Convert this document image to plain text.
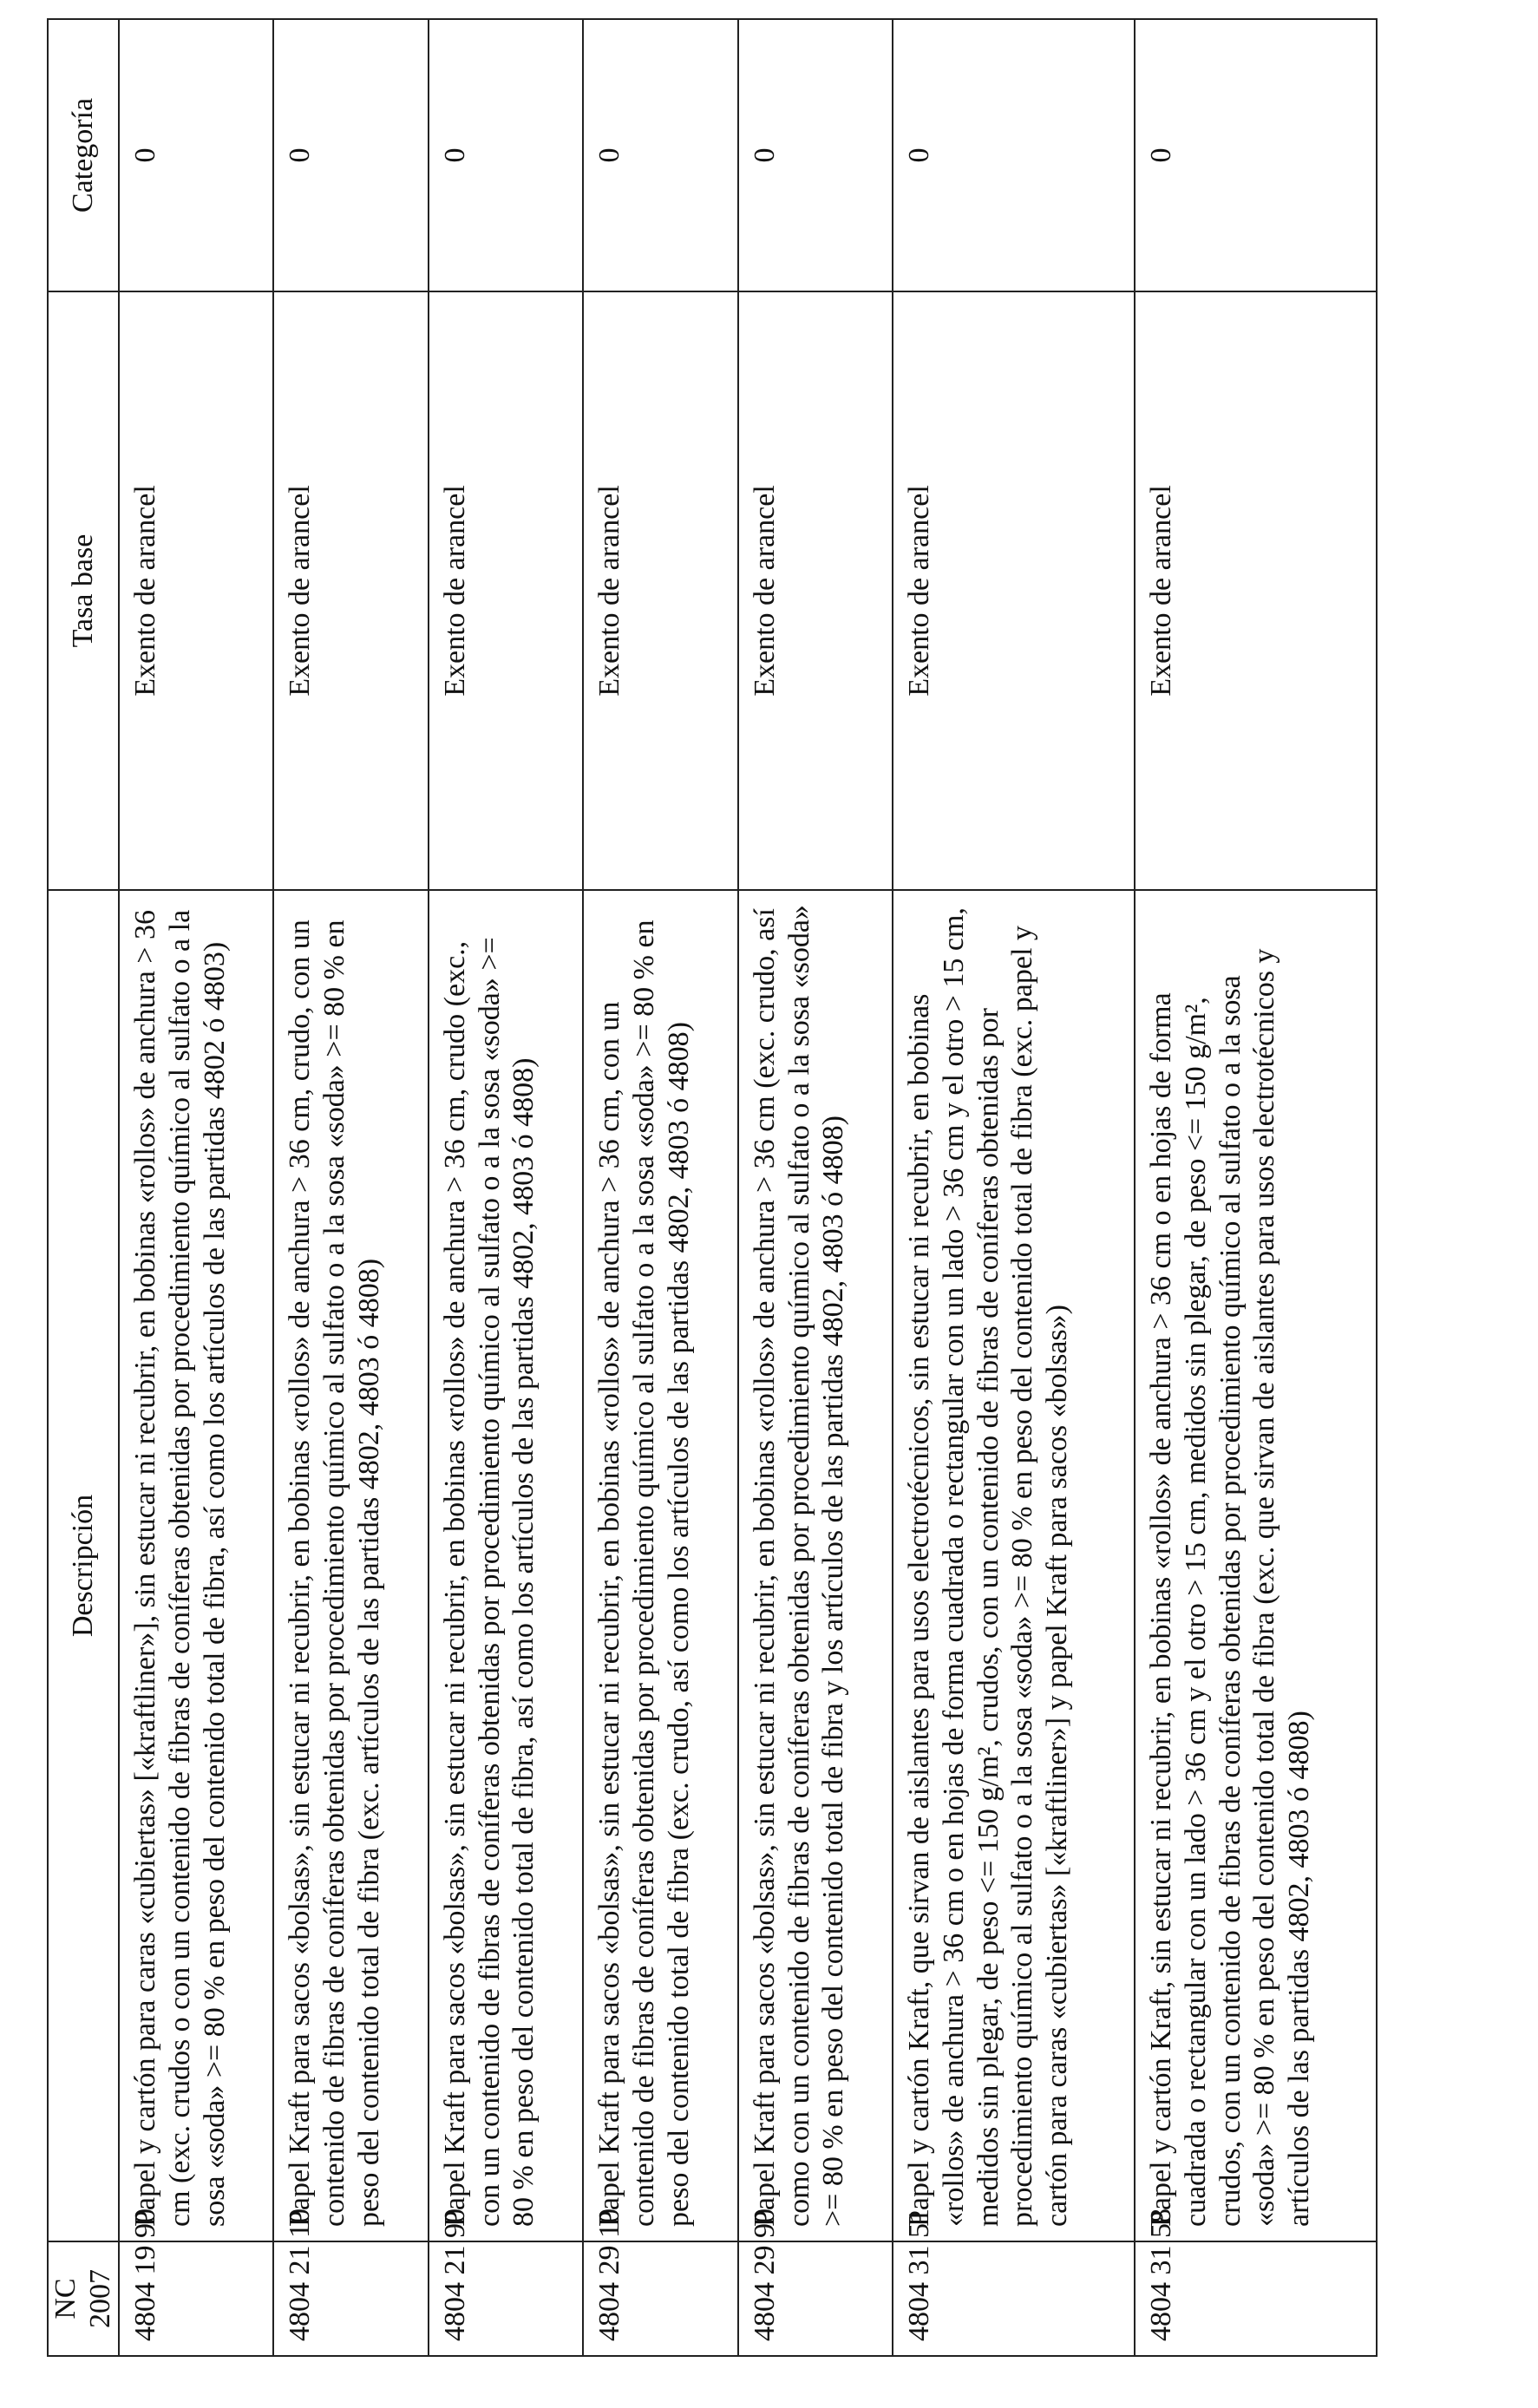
NC 2007	Descripción	Tasa base	Categoría
4804 19 90	Papel y cartón para caras «cubiertas» [«kraftliner»], sin estucar ni recubrir, en bobinas «rollos» de anchura > 36 cm (exc. crudos o con un contenido de fibras de coníferas obtenidas por procedimiento químico al sulfato o a la sosa «soda» >= 80 % en peso del contenido total de fibra, así como los artículos de las partidas 4802 ó 4803)	Exento de arancel	0
4804 21 10	Papel Kraft para sacos «bolsas», sin estucar ni recubrir, en bobinas «rollos» de anchura > 36 cm, crudo, con un contenido de fibras de coníferas obtenidas por procedimiento químico al sulfato o a la sosa «soda» >= 80 % en peso del contenido total de fibra (exc. artículos de las partidas 4802, 4803 ó 4808)	Exento de arancel	0
4804 21 90	Papel Kraft para sacos «bolsas», sin estucar ni recubrir, en bobinas «rollos» de anchura > 36 cm, crudo (exc., con un contenido de fibras de coníferas obtenidas por procedimiento químico al sulfato o a la sosa «soda» >= 80 % en peso del contenido total de fibra, así como los artículos de las partidas 4802, 4803 ó 4808)	Exento de arancel	0
4804 29 10	Papel Kraft para sacos «bolsas», sin estucar ni recubrir, en bobinas «rollos» de anchura > 36 cm, con un contenido de fibras de coníferas obtenidas por procedimiento químico al sulfato o a la sosa «soda» >= 80 % en peso del contenido total de fibra (exc. crudo, así como los artículos de las partidas 4802, 4803 ó 4808)	Exento de arancel	0
4804 29 90	Papel Kraft para sacos «bolsas», sin estucar ni recubrir, en bobinas «rollos» de anchura > 36 cm (exc. crudo, así como con un contenido de fibras de coníferas obtenidas por procedimiento químico al sulfato o a la sosa «soda» >= 80 % en peso del contenido total de fibra y los artículos de las partidas 4802, 4803 ó 4808)	Exento de arancel	0
4804 31 51	Papel y cartón Kraft, que sirvan de aislantes para usos electrotécnicos, sin estucar ni recubrir, en bobinas «rollos» de anchura > 36 cm o en hojas de forma cuadrada o rectangular con un lado > 36 cm y el otro > 15 cm, medidos sin plegar, de peso <= 150 g/m², crudos, con un contenido de fibras de coníferas obtenidas por procedimiento químico al sulfato o a la sosa «soda» >= 80 % en peso del contenido total de fibra (exc. papel y cartón para caras «cubiertas» [«kraftliner»] y papel Kraft para sacos «bolsas»)	Exento de arancel	0
4804 31 58	Papel y cartón Kraft, sin estucar ni recubrir, en bobinas «rollos» de anchura > 36 cm o en hojas de forma cuadrada o rectangular con un lado > 36 cm y el otro > 15 cm, medidos sin plegar, de peso <= 150 g/m², crudos, con un contenido de fibras de coníferas obtenidas por procedimiento químico al sulfato o a la sosa «soda» >= 80 % en peso del contenido total de fibra (exc. que sirvan de aislantes para usos electrotécnicos y artículos de las partidas 4802, 4803 ó 4808)	Exento de arancel	0
